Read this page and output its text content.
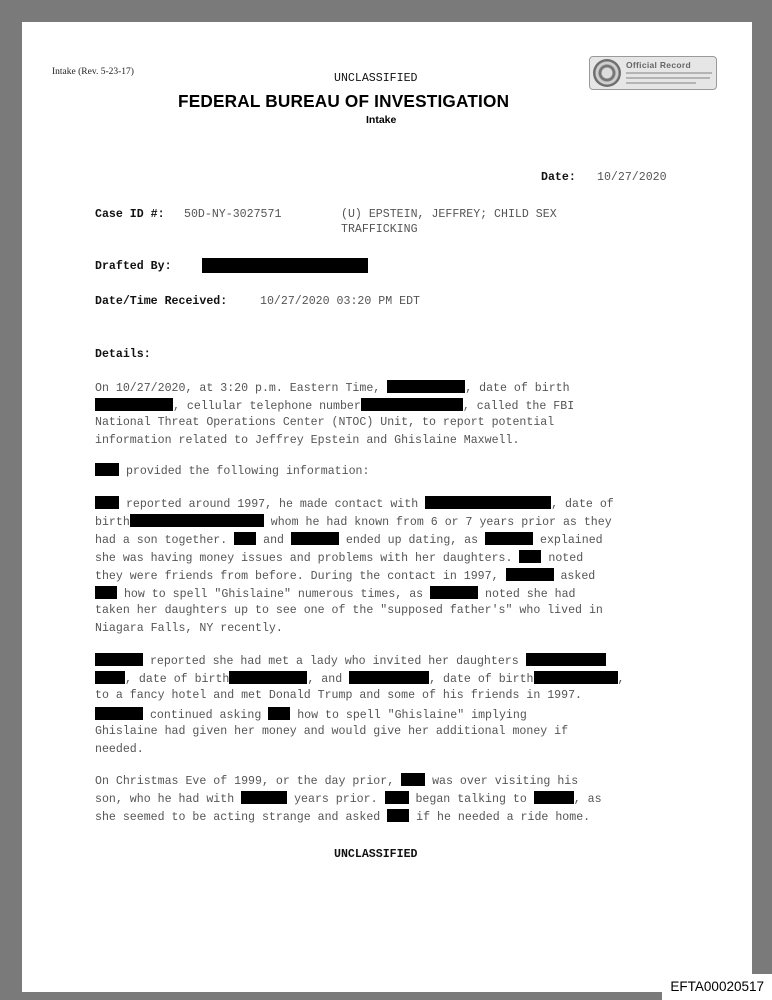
Intake (Rev. 5-23-17)	UNCLASSIFIED
Official Record
FEDERAL BUREAU OF INVESTIGATION
Intake
Date: 10/27/2020
Case ID #: 50D-NY-3027571	(U) EPSTEIN, JEFFREY; CHILD SEX
TRAFFICKING
Drafted By:
Date/Time Received:	10/27/2020 03:20 PM EDT
Details:
On 10/27/2020, at 3:20 p.m. Eastern Time,	, date of birth
, cellular telephone number	, called the FBI
National Threat Operations Center (NTOC) Unit, to report potential
information related to Jeffrey Epstein and Ghislaine Maxwell.
provided the following information:
reported around 1997, he made contact with	, date of
birth	whom he had known from 6 or 7 years prior as they
had a son together.  and	ended up dating, as	explained
she was having money issues and problems with her daughters.  noted
they were friends from before. During the contact in 1997,	asked
how to spell "Ghislaine" numerous times, as	noted she had
taken her daughters up to see one of the "supposed father's" who lived in
Niagara Falls, NY recently.
reported she had met a lady who invited her daughters
, date of birth	, and	, date of birth	,
to a fancy hotel and met Donald Trump and some of his friends in 1997.
continued asking  how to spell "Ghislaine" implying
Ghislaine had given her money and would give her additional money if
needed.
On Christmas Eve of 1999, or the day prior,  was over visiting his
son, who he had with	years prior.  began talking to	, as
she seemed to be acting strange and asked  if he needed a ride home.
UNCLASSIFIED
EFTA00020517
